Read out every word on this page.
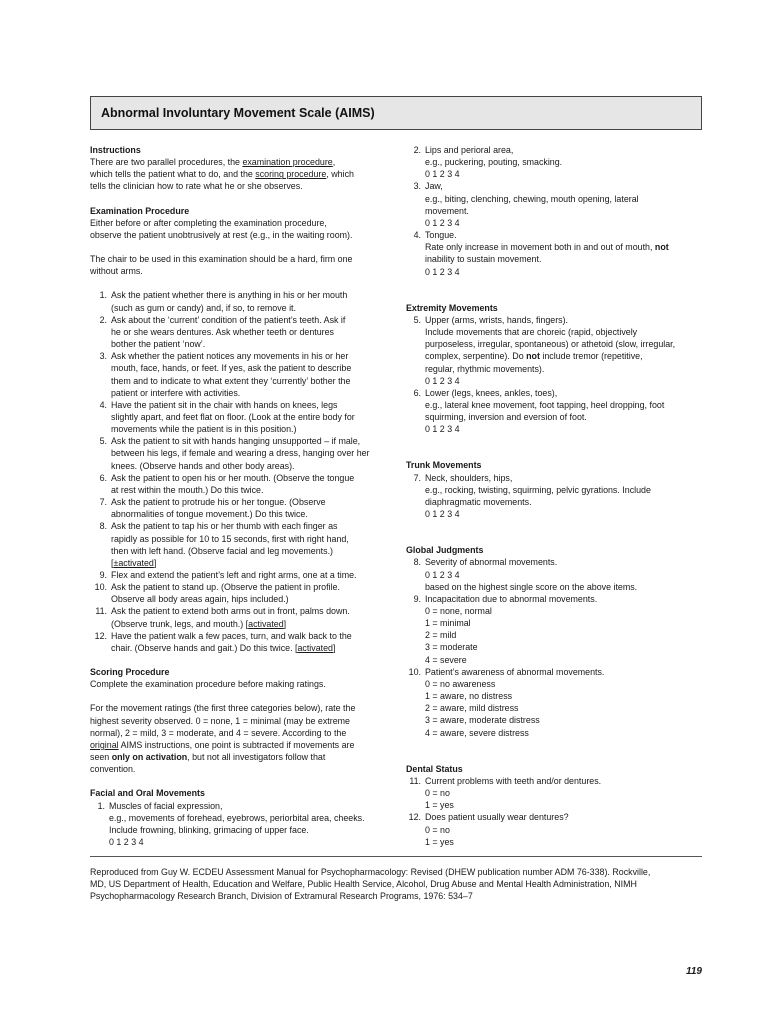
Abnormal Involuntary Movement Scale (AIMS)
Instructions
There are two parallel procedures, the examination procedure,
which tells the patient what to do, and the scoring procedure, which
tells the clinician how to rate what he or she observes.
Examination Procedure
Either before or after completing the examination procedure,
observe the patient unobtrusively at rest (e.g., in the waiting room).
The chair to be used in this examination should be a hard, firm one
without arms.
1. Ask the patient whether there is anything in his or her mouth
(such as gum or candy) and, if so, to remove it.
2. Ask about the ‘current’ condition of the patient’s teeth. Ask if
he or she wears dentures. Ask whether teeth or dentures
bother the patient ‘now’.
3. Ask whether the patient notices any movements in his or her
mouth, face, hands, or feet. If yes, ask the patient to describe
them and to indicate to what extent they ‘currently’ bother the
patient or interfere with activities.
4. Have the patient sit in the chair with hands on knees, legs
slightly apart, and feet flat on floor. (Look at the entire body for
movements while the patient is in this position.)
5. Ask the patient to sit with hands hanging unsupported – if male,
between his legs, if female and wearing a dress, hanging over her
knees. (Observe hands and other body areas).
6. Ask the patient to open his or her mouth. (Observe the tongue
at rest within the mouth.) Do this twice.
7. Ask the patient to protrude his or her tongue. (Observe
abnormalities of tongue movement.) Do this twice.
8. Ask the patient to tap his or her thumb with each finger as
rapidly as possible for 10 to 15 seconds, first with right hand,
then with left hand. (Observe facial and leg movements.)
[±activated]
9. Flex and extend the patient’s left and right arms, one at a time.
10. Ask the patient to stand up. (Observe the patient in profile.
Observe all body areas again, hips included.)
11. Ask the patient to extend both arms out in front, palms down.
(Observe trunk, legs, and mouth.) [activated]
12. Have the patient walk a few paces, turn, and walk back to the
chair. (Observe hands and gait.) Do this twice. [activated]
Scoring Procedure
Complete the examination procedure before making ratings.
For the movement ratings (the first three categories below), rate the
highest severity observed. 0 = none, 1 = minimal (may be extreme
normal), 2 = mild, 3 = moderate, and 4 = severe. According to the
original AIMS instructions, one point is subtracted if movements are
seen only on activation, but not all investigators follow that
convention.
Facial and Oral Movements
1. Muscles of facial expression,
e.g., movements of forehead, eyebrows, periorbital area, cheeks.
Include frowning, blinking, grimacing of upper face.
0 1 2 3 4
2. Lips and perioral area,
e.g., puckering, pouting, smacking.
0 1 2 3 4
3. Jaw,
e.g., biting, clenching, chewing, mouth opening, lateral
movement.
0 1 2 3 4
4. Tongue.
Rate only increase in movement both in and out of mouth, not
inability to sustain movement.
0 1 2 3 4
Extremity Movements
5. Upper (arms, wrists, hands, fingers).
Include movements that are choreic (rapid, objectively
purposeless, irregular, spontaneous) or athetoid (slow, irregular,
complex, serpentine). Do not include tremor (repetitive,
regular, rhythmic movements).
0 1 2 3 4
6. Lower (legs, knees, ankles, toes),
e.g., lateral knee movement, foot tapping, heel dropping, foot
squirming, inversion and eversion of foot.
0 1 2 3 4
Trunk Movements
7. Neck, shoulders, hips,
e.g., rocking, twisting, squirming, pelvic gyrations. Include
diaphragmatic movements.
0 1 2 3 4
Global Judgments
8. Severity of abnormal movements.
0 1 2 3 4
based on the highest single score on the above items.
9. Incapacitation due to abnormal movements.
0 = none, normal
1 = minimal
2 = mild
3 = moderate
4 = severe
10. Patient’s awareness of abnormal movements.
0 = no awareness
1 = aware, no distress
2 = aware, mild distress
3 = aware, moderate distress
4 = aware, severe distress
Dental Status
11. Current problems with teeth and/or dentures.
0 = no
1 = yes
12. Does patient usually wear dentures?
0 = no
1 = yes
Reproduced from Guy W. ECDEU Assessment Manual for Psychopharmacology: Revised (DHEW publication number ADM 76-338). Rockville,
MD, US Department of Health, Education and Welfare, Public Health Service, Alcohol, Drug Abuse and Mental Health Administration, NIMH
Psychopharmacology Research Branch, Division of Extramural Research Programs, 1976: 534–7
119
